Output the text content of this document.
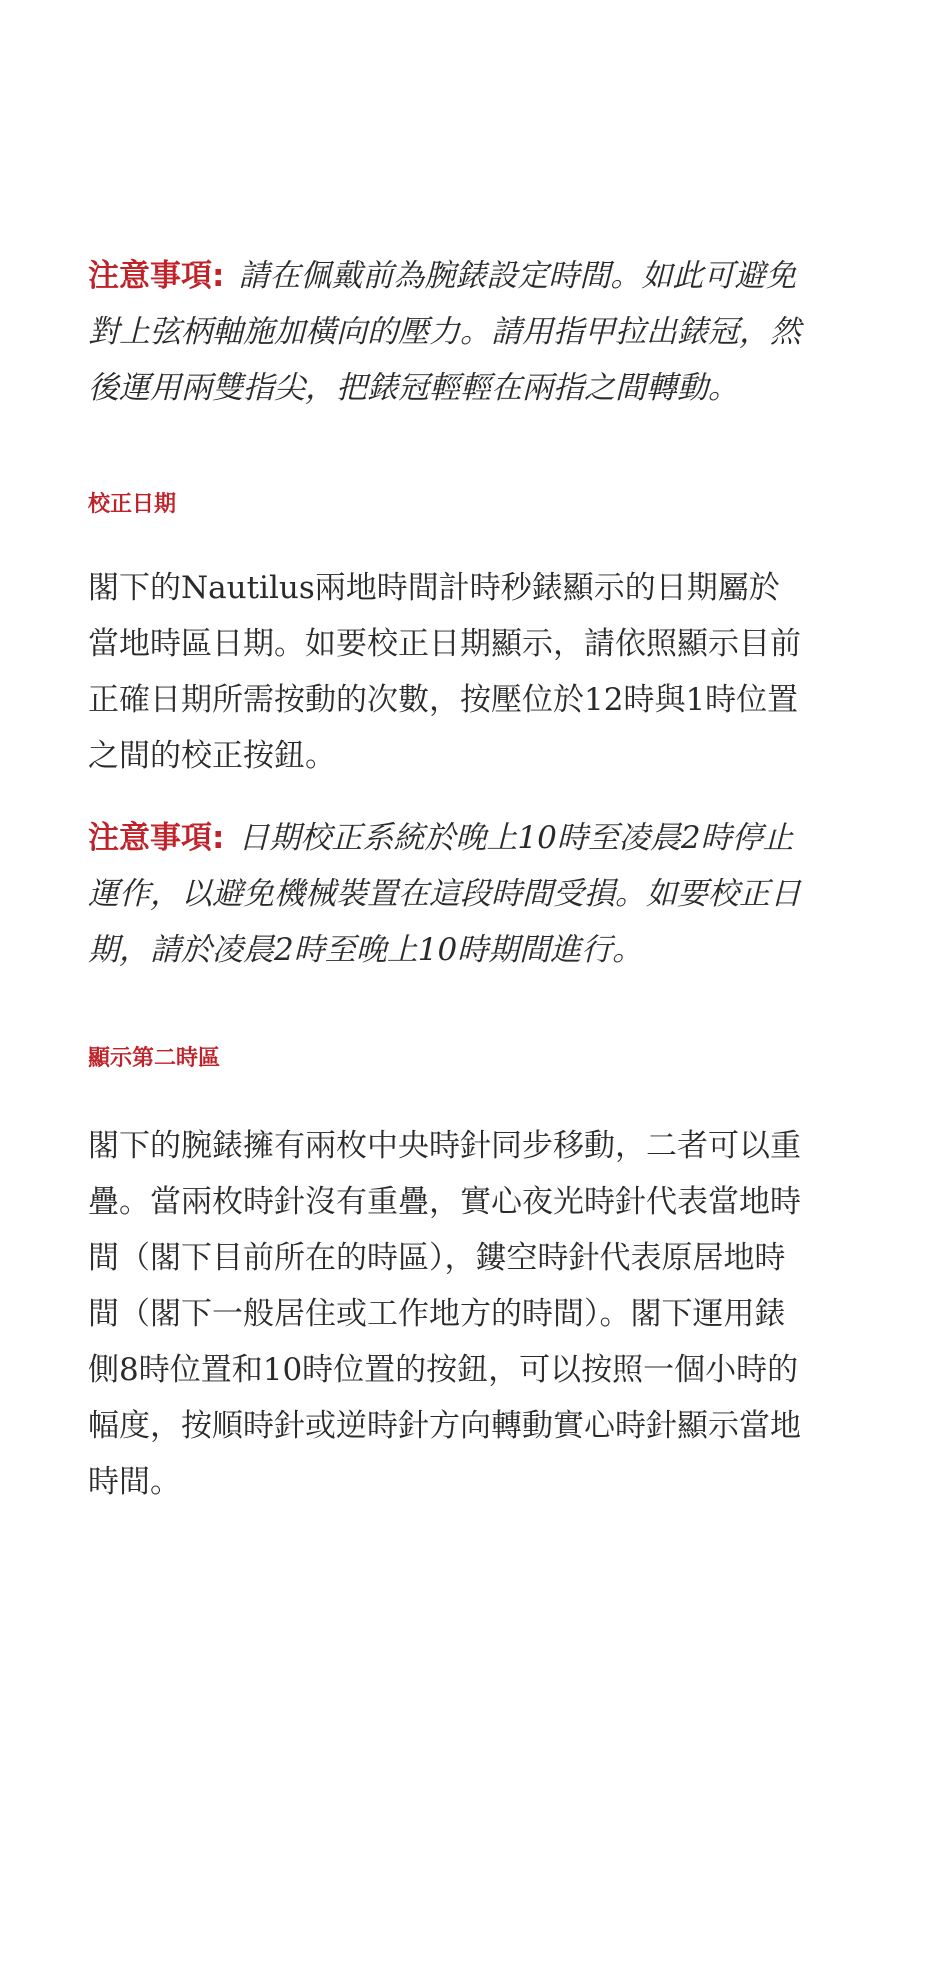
注意事項: 請在佩戴前為腕錶設定時間。如此可避免對上弦柄軸施加橫向的壓力。請用指甲拉出錶冠，然後運用兩雙指尖，把錶冠輕輕在兩指之間轉動。

校正日期

閣下的Nautilus兩地時間計時秒錶顯示的日期屬於當地時區日期。如要校正日期顯示，請依照顯示目前正確日期所需按動的次數，按壓位於12時與1時位置之間的校正按鈕。

注意事項: 日期校正系統於晚上10時至凌晨2時停止運作，以避免機械裝置在這段時間受損。如要校正日期，請於凌晨2時至晚上10時期間進行。

顯示第二時區

閣下的腕錶擁有兩枚中央時針同步移動，二者可以重疊。當兩枚時針沒有重疊，實心夜光時針代表當地時間（閣下目前所在的時區），鏤空時針代表原居地時間（閣下一般居住或工作地方的時間）。閣下運用錶側8時位置和10時位置的按鈕，可以按照一個小時的幅度，按順時針或逆時針方向轉動實心時針顯示當地時間。
